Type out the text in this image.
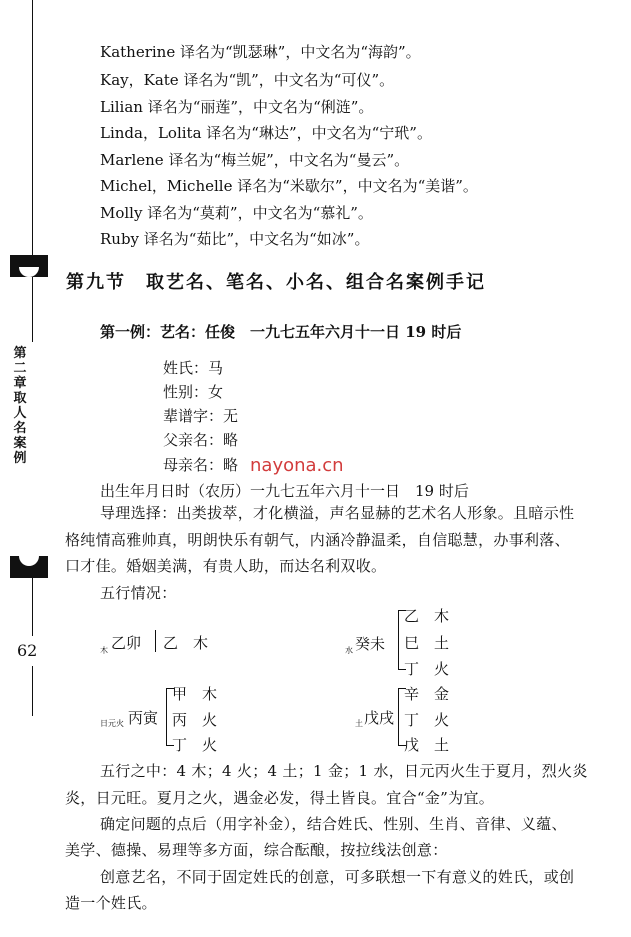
第二章　取人名案例
62
Katherine 译名为“凯瑟琳”，中文名为“海韵”。
Kay，Kate 译名为“凯”，中文名为“可仪”。
Lilian 译名为“丽莲”，中文名为“俐涟”。
Linda，Lolita 译名为“琳达”，中文名为“宁玳”。
Marlene 译名为“梅兰妮”，中文名为“曼云”。
Michel，Michelle 译名为“米歇尔”，中文名为“美谐”。
Molly 译名为“莫莉”，中文名为“慕礼”。
Ruby 译名为“茹比”，中文名为“如冰”。
第九节　取艺名、笔名、小名、组合名案例手记
第一例：艺名：任俊　一九七五年六月十一日 19 时后
姓氏：马
性别：女
辈谱字：无
父亲名：略
母亲名：略 nayona.cn
出生年月日时（农历）一九七五年六月十一日　19 时后
导理选择：出类拔萃，才化横溢，声名显赫的艺术名人形象。且暗示性
格纯情高雅帅真，明朗快乐有朝气，内涵冷静温柔，自信聪慧，办事利落、
口才佳。婚姻美满，有贵人助，而达名利双收。
五行情况：
木 乙卯 乙　木	水 癸未
乙　木
巳　土
丁　火
日元火 丙寅
甲　木
丙　火
丁　火
土 戊戌
辛　金
丁　火
戊　土
五行之中：4 木；4 火；4 土；1 金；1 水，日元丙火生于夏月，烈火炎
炎，日元旺。夏月之火，遇金必发，得土皆良。宜合“金”为宜。
确定问题的点后（用字补金），结合姓氏、性别、生肖、音律、义蕴、
美学、德操、易理等多方面，综合酝酿，按拉线法创意：
创意艺名，不同于固定姓氏的创意，可多联想一下有意义的姓氏，或创
造一个姓氏。
